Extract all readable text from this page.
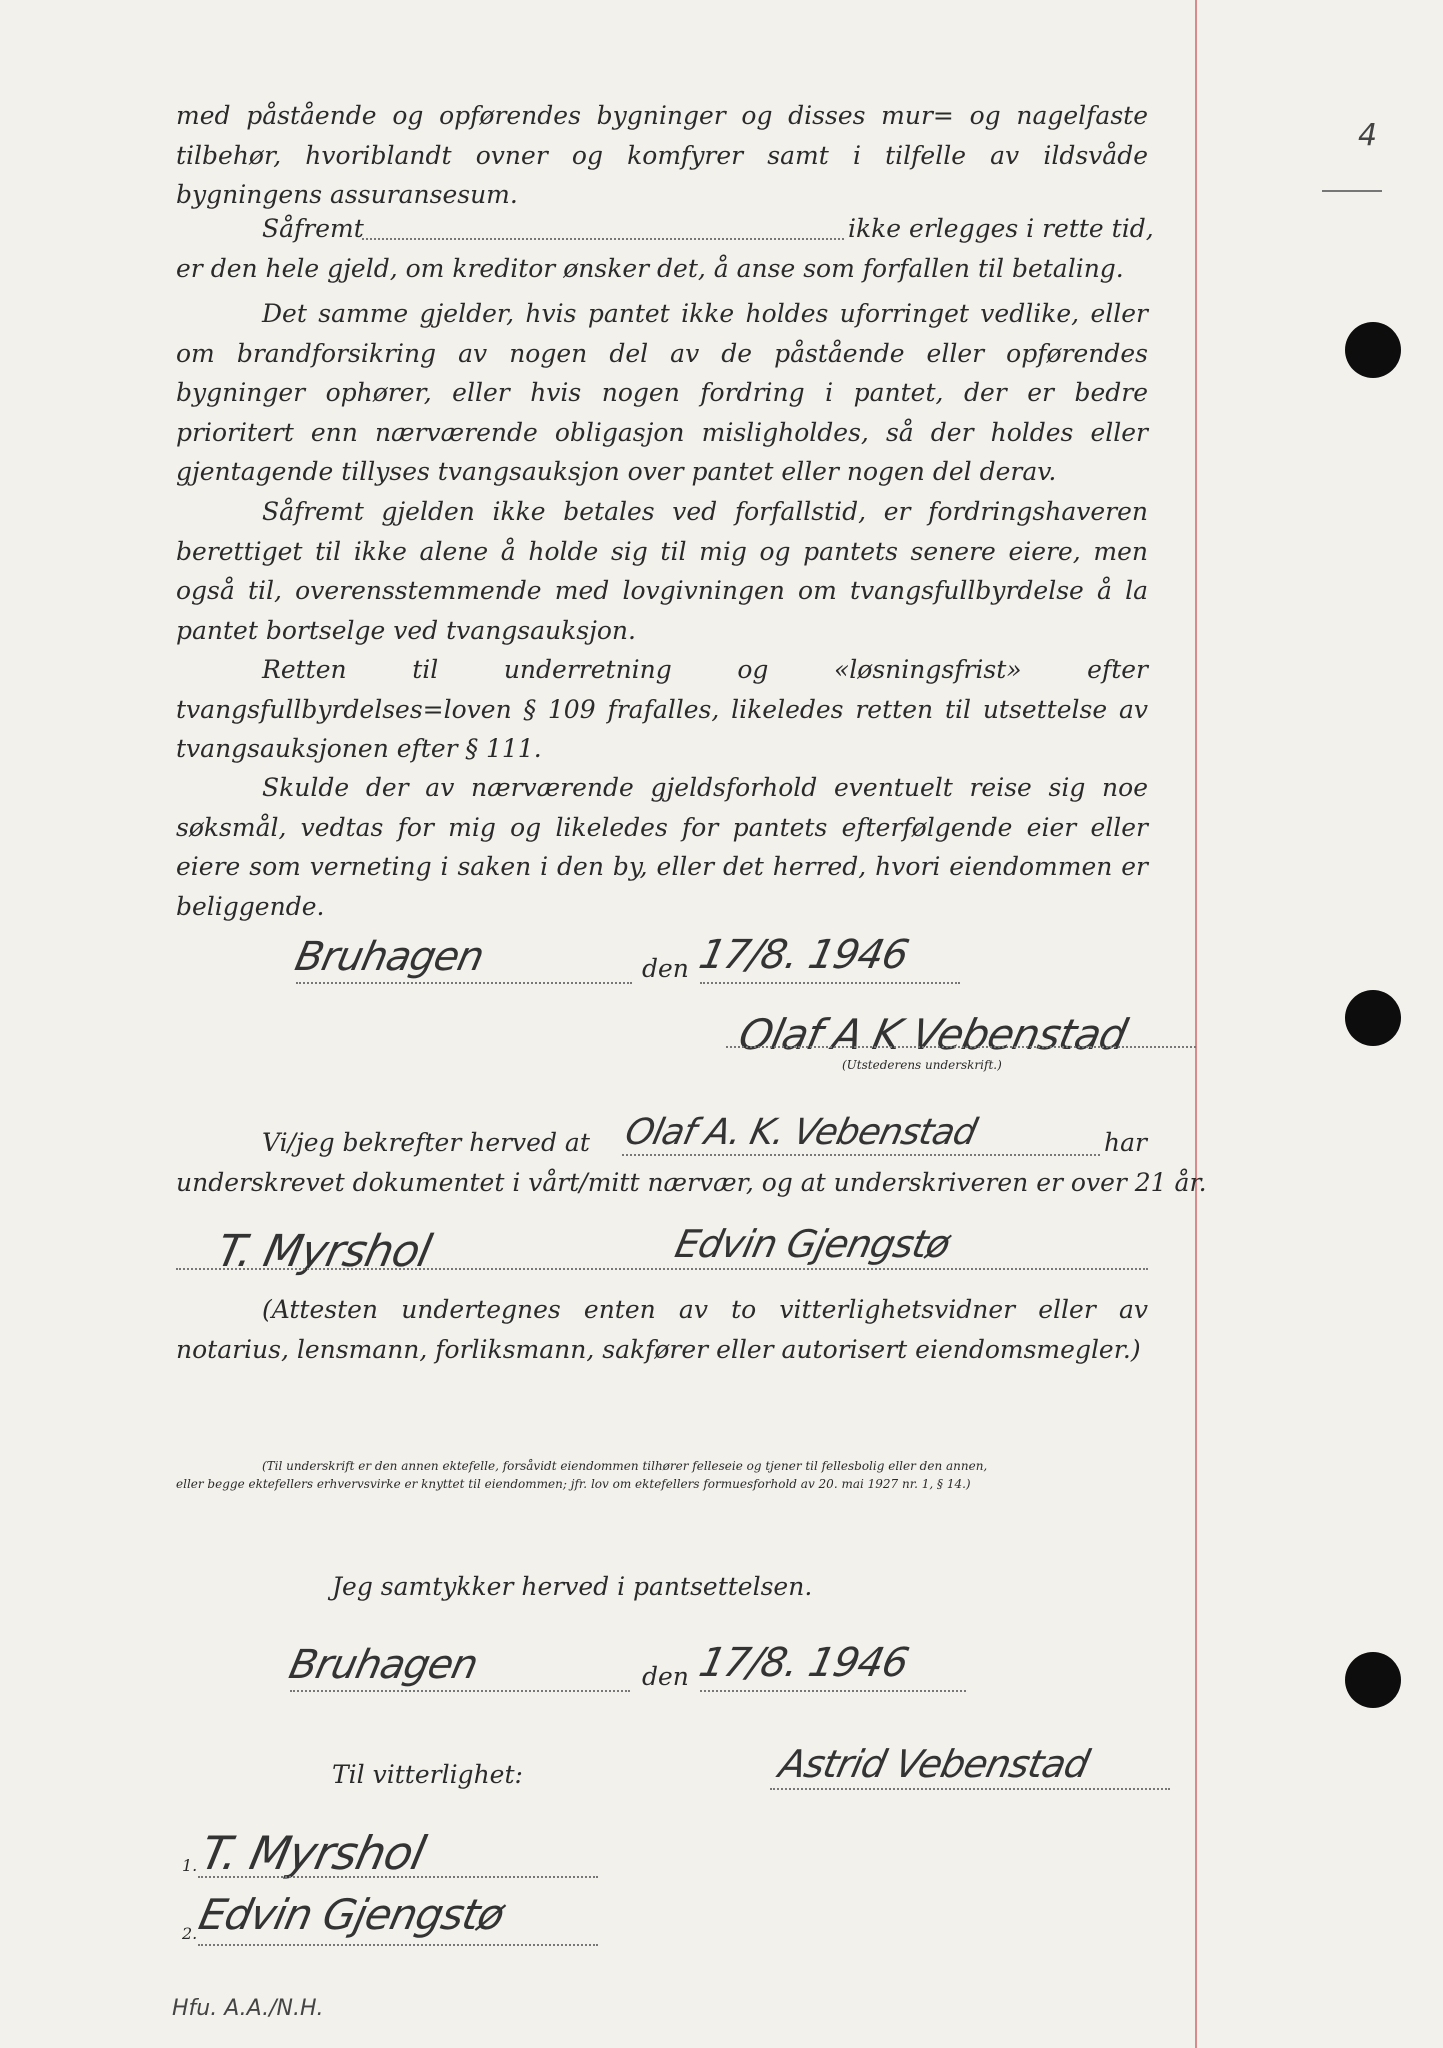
4

med påstående og opførendes bygninger og disses mur= og nagelfaste tilbehør, hvoriblandt ovner og komfyrer samt i tilfelle av ildsvåde bygningens assuransesum.

Såfremt	ikke erlegges i rette tid,
er den hele gjeld, om kreditor ønsker det, å anse som forfallen til betaling.

Det samme gjelder, hvis pantet ikke holdes uforringet vedlike, eller om brandforsikring av nogen del av de påstående eller opførendes bygninger ophører, eller hvis nogen fordring i pantet, der er bedre prioritert enn nærværende obligasjon misligholdes, så der holdes eller gjentagende tillyses tvangsauksjon over pantet eller nogen del derav.

Såfremt gjelden ikke betales ved forfallstid, er fordringshaveren berettiget til ikke alene å holde sig til mig og pantets senere eiere, men også til, overensstemmende med lovgivningen om tvangsfullbyrdelse å la pantet bortselge ved tvangsauksjon.

Retten til underretning og «løsningsfrist» efter tvangsfullbyrdelses=loven § 109 frafalles, likeledes retten til utsettelse av tvangsauksjonen efter § 111.

Skulde der av nærværende gjeldsforhold eventuelt reise sig noe søksmål, vedtas for mig og likeledes for pantets efterfølgende eier eller eiere som verneting i saken i den by, eller det herred, hvori eiendommen er beliggende.

Bruhagen	den 17/8. 1946
Olaf A K Vebenstad
(Utstederens underskrift.)
Vi/jeg bekrefter herved at Olaf A. K. Vebenstad	har
underskrevet dokumentet i vårt/mitt nærvær, og at underskriveren er over 21 år.
T. Myrshol	Edvin Gjengstø

(Attesten undertegnes enten av to vitterlighetsvidner eller av notarius, lensmann, forliksmann, sakfører eller autorisert eiendomsmegler.)

(Til underskrift er den annen ektefelle, forsåvidt eiendommen tilhører felleseie og tjener til fellesbolig eller den annen,
eller begge ektefellers erhvervsvirke er knyttet til eiendommen; jfr. lov om ektefellers formuesforhold av 20. mai 1927 nr. 1, § 14.)
Jeg samtykker herved i pantsettelsen.
Bruhagen	den 17/8. 1946
Astrid Vebenstad
Til vitterlighet:
1.
T. Myrshol
2.
Edvin Gjengstø
Hfu. A.A./N.H.
